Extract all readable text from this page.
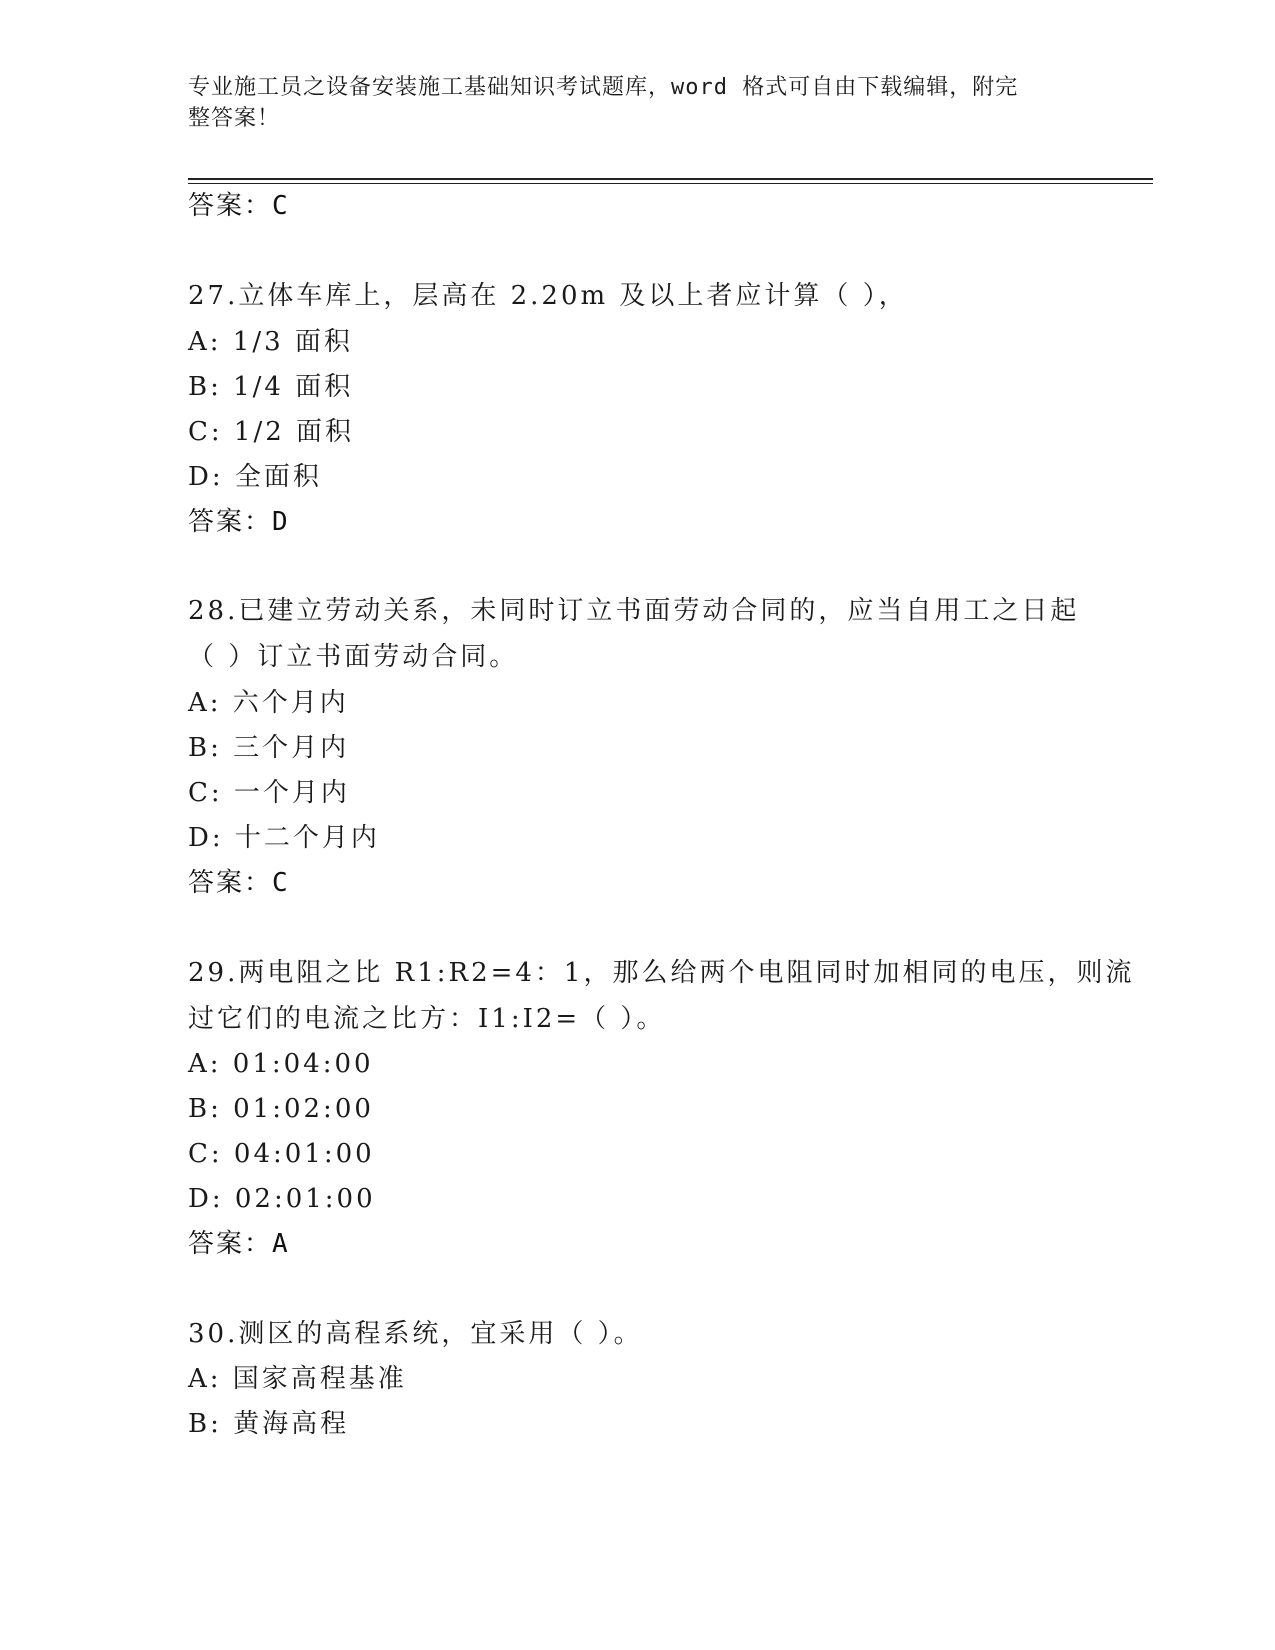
专业施工员之设备安装施工基础知识考试题库，word 格式可自由下载编辑，附完
整答案！
答案：C
27.立体车库上，层高在 2.20m 及以上者应计算（ ），
A: 1/3 面积
B: 1/4 面积
C: 1/2 面积
D: 全面积
答案：D
28.已建立劳动关系，未同时订立书面劳动合同的，应当自用工之日起
（ ）订立书面劳动合同。
A: 六个月内
B: 三个月内
C: 一个月内
D: 十二个月内
答案：C
29.两电阻之比 R1:R2=4：1，那么给两个电阻同时加相同的电压，则流
过它们的电流之比方：I1:I2=（ ）。
A: 01:04:00
B: 01:02:00
C: 04:01:00
D: 02:01:00
答案：A
30.测区的高程系统，宜采用（ ）。
A: 国家高程基准
B: 黄海高程
